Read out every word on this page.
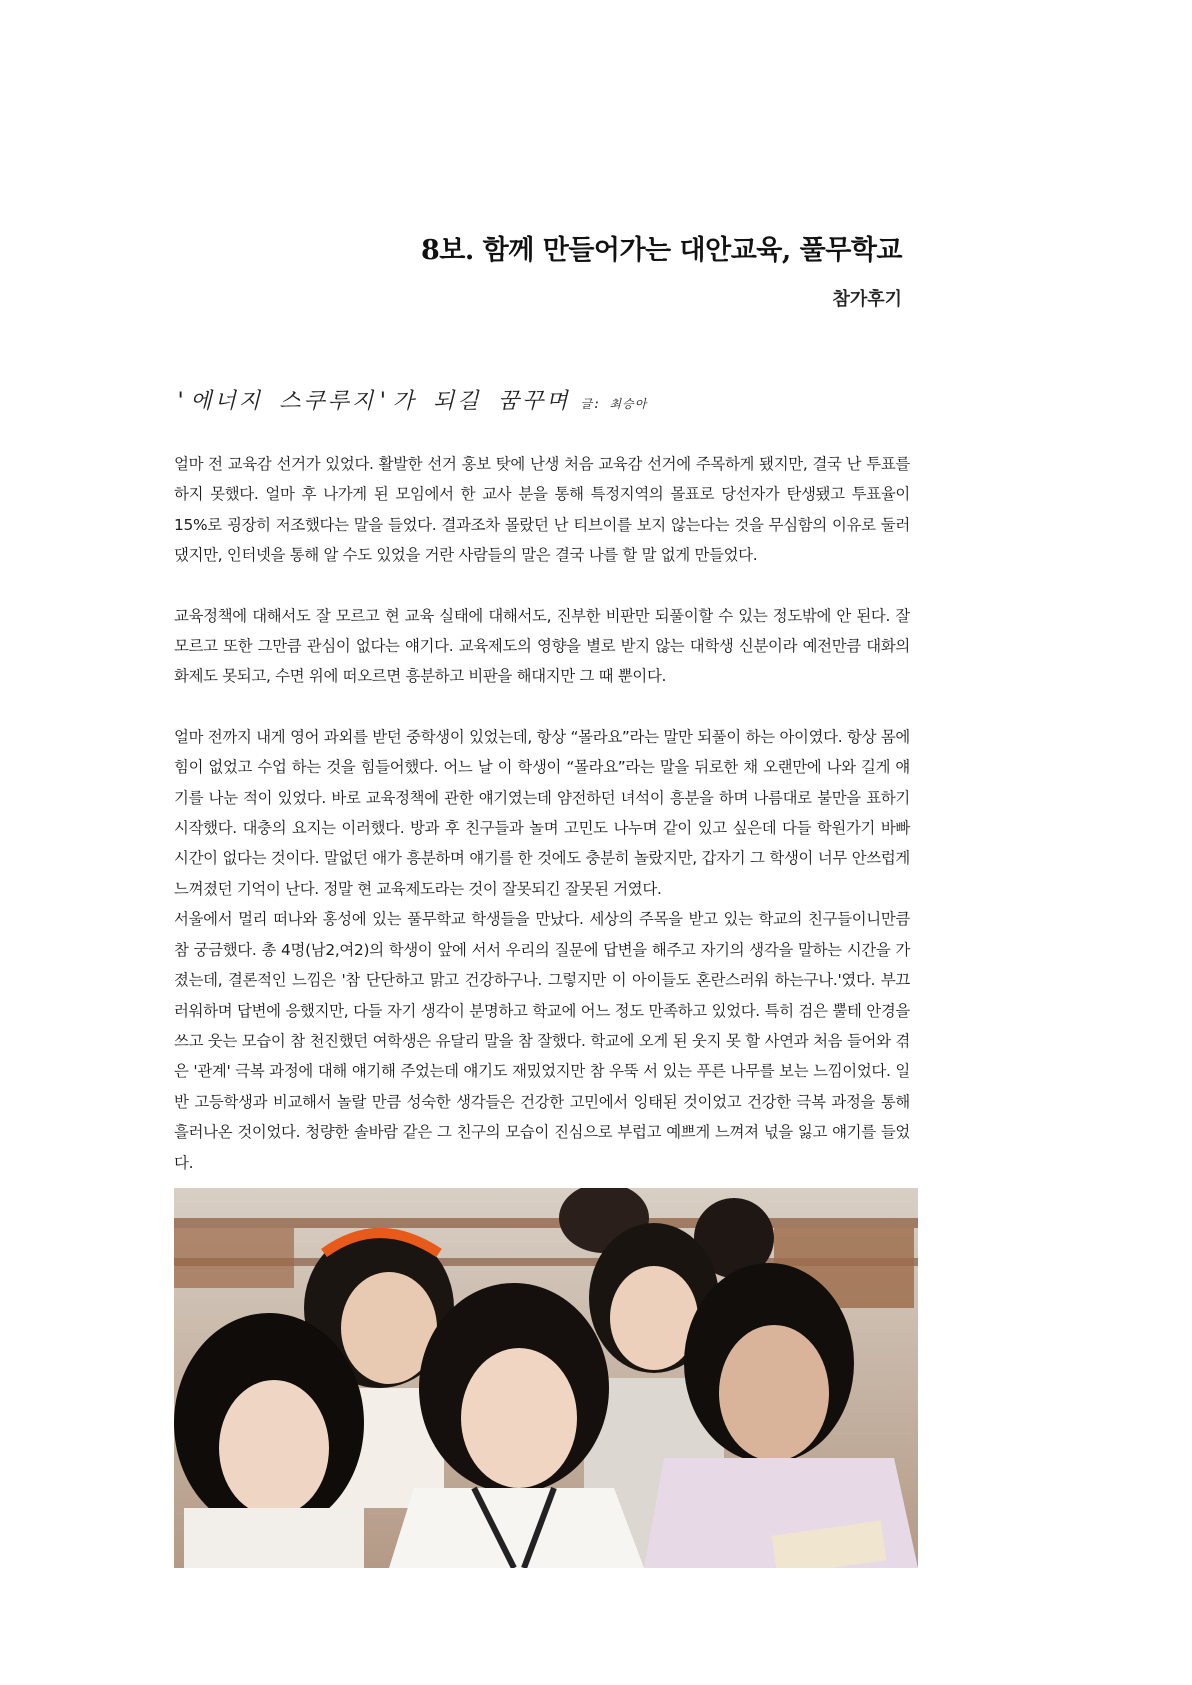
8보. 함께 만들어가는 대안교육, 풀무학교
참가후기
'에너지 스쿠루지'가 되길 꿈꾸며 글: 최승아

얼마 전 교육감 선거가 있었다. 활발한 선거 홍보 탓에 난생 처음 교육감 선거에 주목하게 됐지만, 결국 난 투표를 하지 못했다. 얼마 후 나가게 된 모임에서 한 교사 분을 통해 특정지역의 몰표로 당선자가 탄생됐고 투표율이 15%로 굉장히 저조했다는 말을 들었다. 결과조차 몰랐던 난 티브이를 보지 않는다는 것을 무심함의 이유로 둘러댔지만, 인터넷을 통해 알 수도 있었을 거란 사람들의 말은 결국 나를 할 말 없게 만들었다.

교육정책에 대해서도 잘 모르고 현 교육 실태에 대해서도, 진부한 비판만 되풀이할 수 있는 정도밖에 안 된다. 잘 모르고 또한 그만큼 관심이 없다는 얘기다. 교육제도의 영향을 별로 받지 않는 대학생 신분이라 예전만큼 대화의 화제도 못되고, 수면 위에 떠오르면 흥분하고 비판을 해대지만 그 때 뿐이다.

얼마 전까지 내게 영어 과외를 받던 중학생이 있었는데, 항상 “몰라요”라는 말만 되풀이 하는 아이였다. 항상 몸에 힘이 없었고 수업 하는 것을 힘들어했다. 어느 날 이 학생이 “몰라요”라는 말을 뒤로한 채 오랜만에 나와 길게 얘기를 나눈 적이 있었다. 바로 교육정책에 관한 얘기였는데 얌전하던 녀석이 흥분을 하며 나름대로 불만을 표하기 시작했다. 대충의 요지는 이러했다. 방과 후 친구들과 놀며 고민도 나누며 같이 있고 싶은데 다들 학원가기 바빠 시간이 없다는 것이다. 말없던 애가 흥분하며 얘기를 한 것에도 충분히 놀랐지만, 갑자기 그 학생이 너무 안쓰럽게 느껴졌던 기억이 난다. 정말 현 교육제도라는 것이 잘못되긴 잘못된 거였다.

서울에서 멀리 떠나와 홍성에 있는 풀무학교 학생들을 만났다. 세상의 주목을 받고 있는 학교의 친구들이니만큼 참 궁금했다. 총 4명(남2,여2)의 학생이 앞에 서서 우리의 질문에 답변을 해주고 자기의 생각을 말하는 시간을 가졌는데, 결론적인 느낌은 '참 단단하고 맑고 건강하구나. 그렇지만 이 아이들도 혼란스러워 하는구나.'였다. 부끄러워하며 답변에 응했지만, 다들 자기 생각이 분명하고 학교에 어느 정도 만족하고 있었다. 특히 검은 뿔테 안경을 쓰고 웃는 모습이 참 천진했던 여학생은 유달리 말을 참 잘했다. 학교에 오게 된 웃지 못 할 사연과 처음 들어와 겪은 '관계' 극복 과정에 대해 얘기해 주었는데 얘기도 재밌었지만 참 우뚝 서 있는 푸른 나무를 보는 느낌이었다. 일반 고등학생과 비교해서 놀랄 만큼 성숙한 생각들은 건강한 고민에서 잉태된 것이었고 건강한 극복 과정을 통해 흘러나온 것이었다. 청량한 솔바람 같은 그 친구의 모습이 진심으로 부럽고 예쁘게 느껴져 넋을 잃고 얘기를 들었다.
